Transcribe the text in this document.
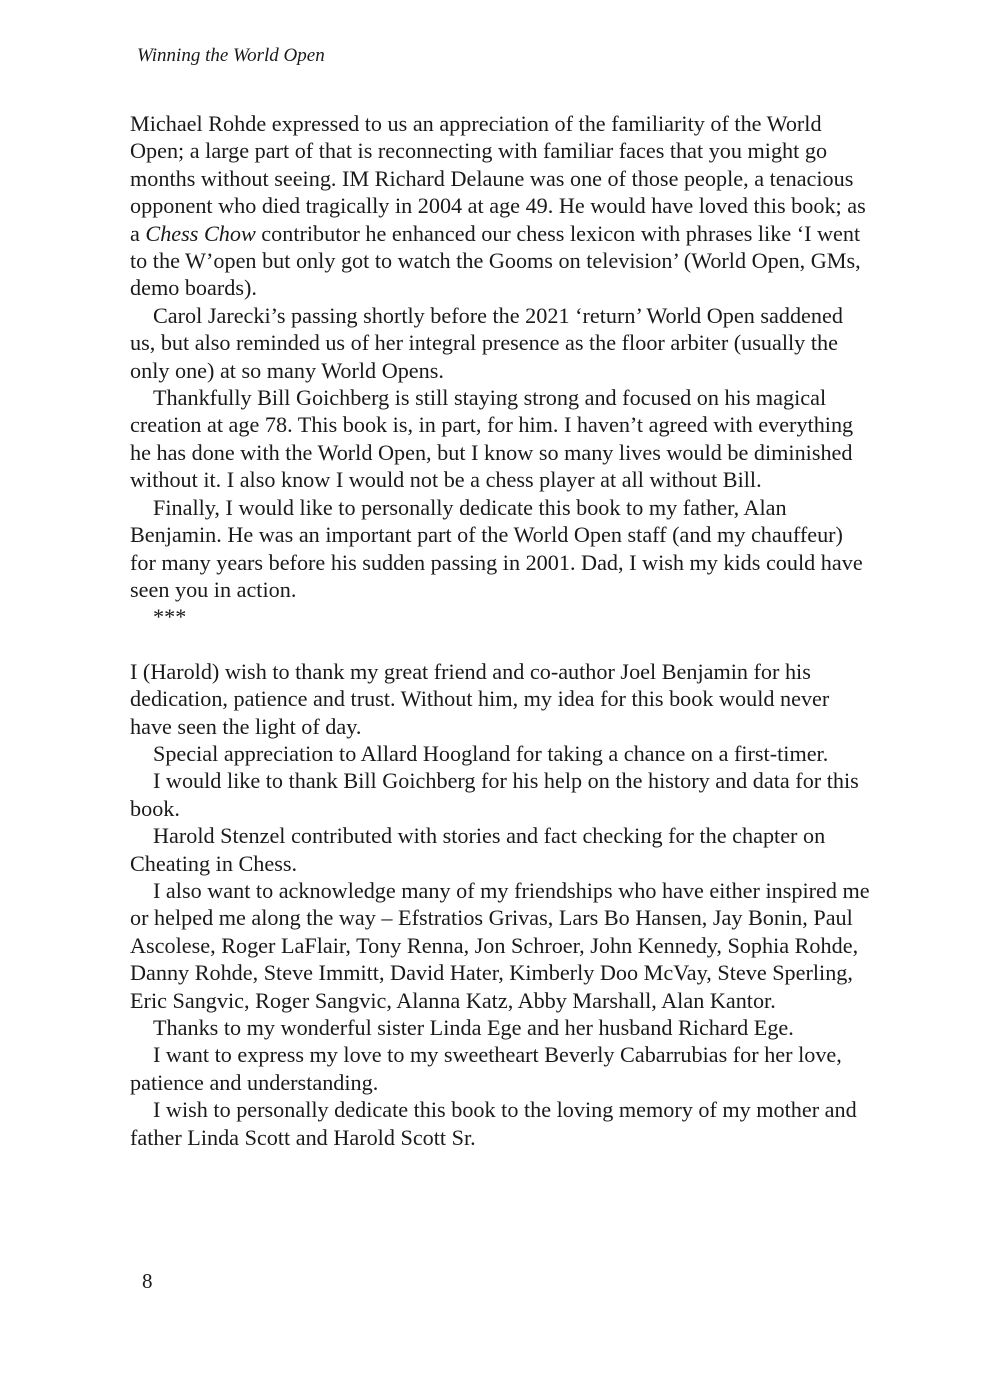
Winning the World Open

Michael Rohde expressed to us an appreciation of the familiarity of the World Open; a large part of that is reconnecting with familiar faces that you might go months without seeing. IM Richard Delaune was one of those people, a tenacious opponent who died tragically in 2004 at age 49. He would have loved this book; as a Chess Chow contributor he enhanced our chess lexicon with phrases like ‘I went to the W’open but only got to watch the Gooms on television’ (World Open, GMs, demo boards).

Carol Jarecki’s passing shortly before the 2021 ‘return’ World Open saddened us, but also reminded us of her integral presence as the floor arbiter (usually the only one) at so many World Opens.

Thankfully Bill Goichberg is still staying strong and focused on his magical creation at age 78. This book is, in part, for him. I haven’t agreed with everything he has done with the World Open, but I know so many lives would be diminished without it. I also know I would not be a chess player at all without Bill.

Finally, I would like to personally dedicate this book to my father, Alan Benjamin. He was an important part of the World Open staff (and my chauffeur) for many years before his sudden passing in 2001. Dad, I wish my kids could have seen you in action.

***

I (Harold) wish to thank my great friend and co-author Joel Benjamin for his dedication, patience and trust. Without him, my idea for this book would never have seen the light of day.

Special appreciation to Allard Hoogland for taking a chance on a first-timer.

I would like to thank Bill Goichberg for his help on the history and data for this book.

Harold Stenzel contributed with stories and fact checking for the chapter on Cheating in Chess.

I also want to acknowledge many of my friendships who have either inspired me or helped me along the way – Efstratios Grivas, Lars Bo Hansen, Jay Bonin, Paul Ascolese, Roger LaFlair, Tony Renna, Jon Schroer, John Kennedy, Sophia Rohde, Danny Rohde, Steve Immitt, David Hater, Kimberly Doo McVay, Steve Sperling, Eric Sangvic, Roger Sangvic, Alanna Katz, Abby Marshall, Alan Kantor.

Thanks to my wonderful sister Linda Ege and her husband Richard Ege.

I want to express my love to my sweetheart Beverly Cabarrubias for her love, patience and understanding.

I wish to personally dedicate this book to the loving memory of my mother and father Linda Scott and Harold Scott Sr.

8
